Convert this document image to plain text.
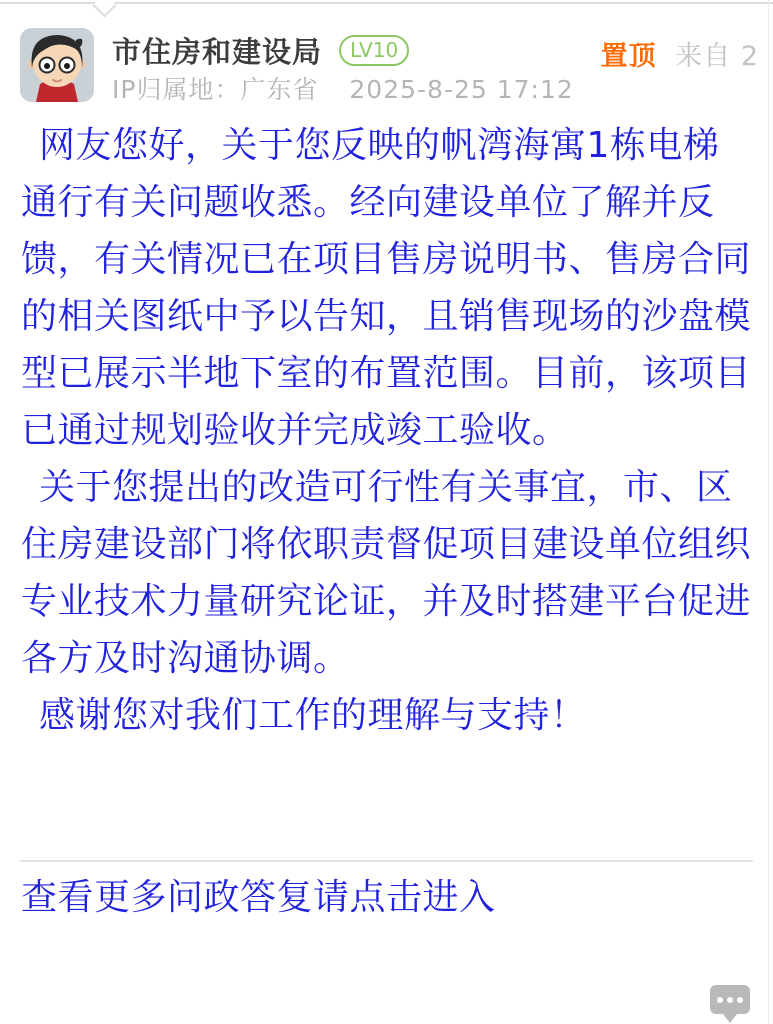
市住房和建设局 LV10	置顶 来自 2
IP归属地：广东省 2025-8-25 17:12

网友您好，关于您反映的帆湾海寓1栋电梯通行有关问题收悉。经向建设单位了解并反馈，有关情况已在项目售房说明书、售房合同的相关图纸中予以告知，且销售现场的沙盘模型已展示半地下室的布置范围。目前，该项目已通过规划验收并完成竣工验收。

关于您提出的改造可行性有关事宜，市、区住房建设部门将依职责督促项目建设单位组织专业技术力量研究论证，并及时搭建平台促进各方及时沟通协调。

感谢您对我们工作的理解与支持！

查看更多问政答复请点击进入
